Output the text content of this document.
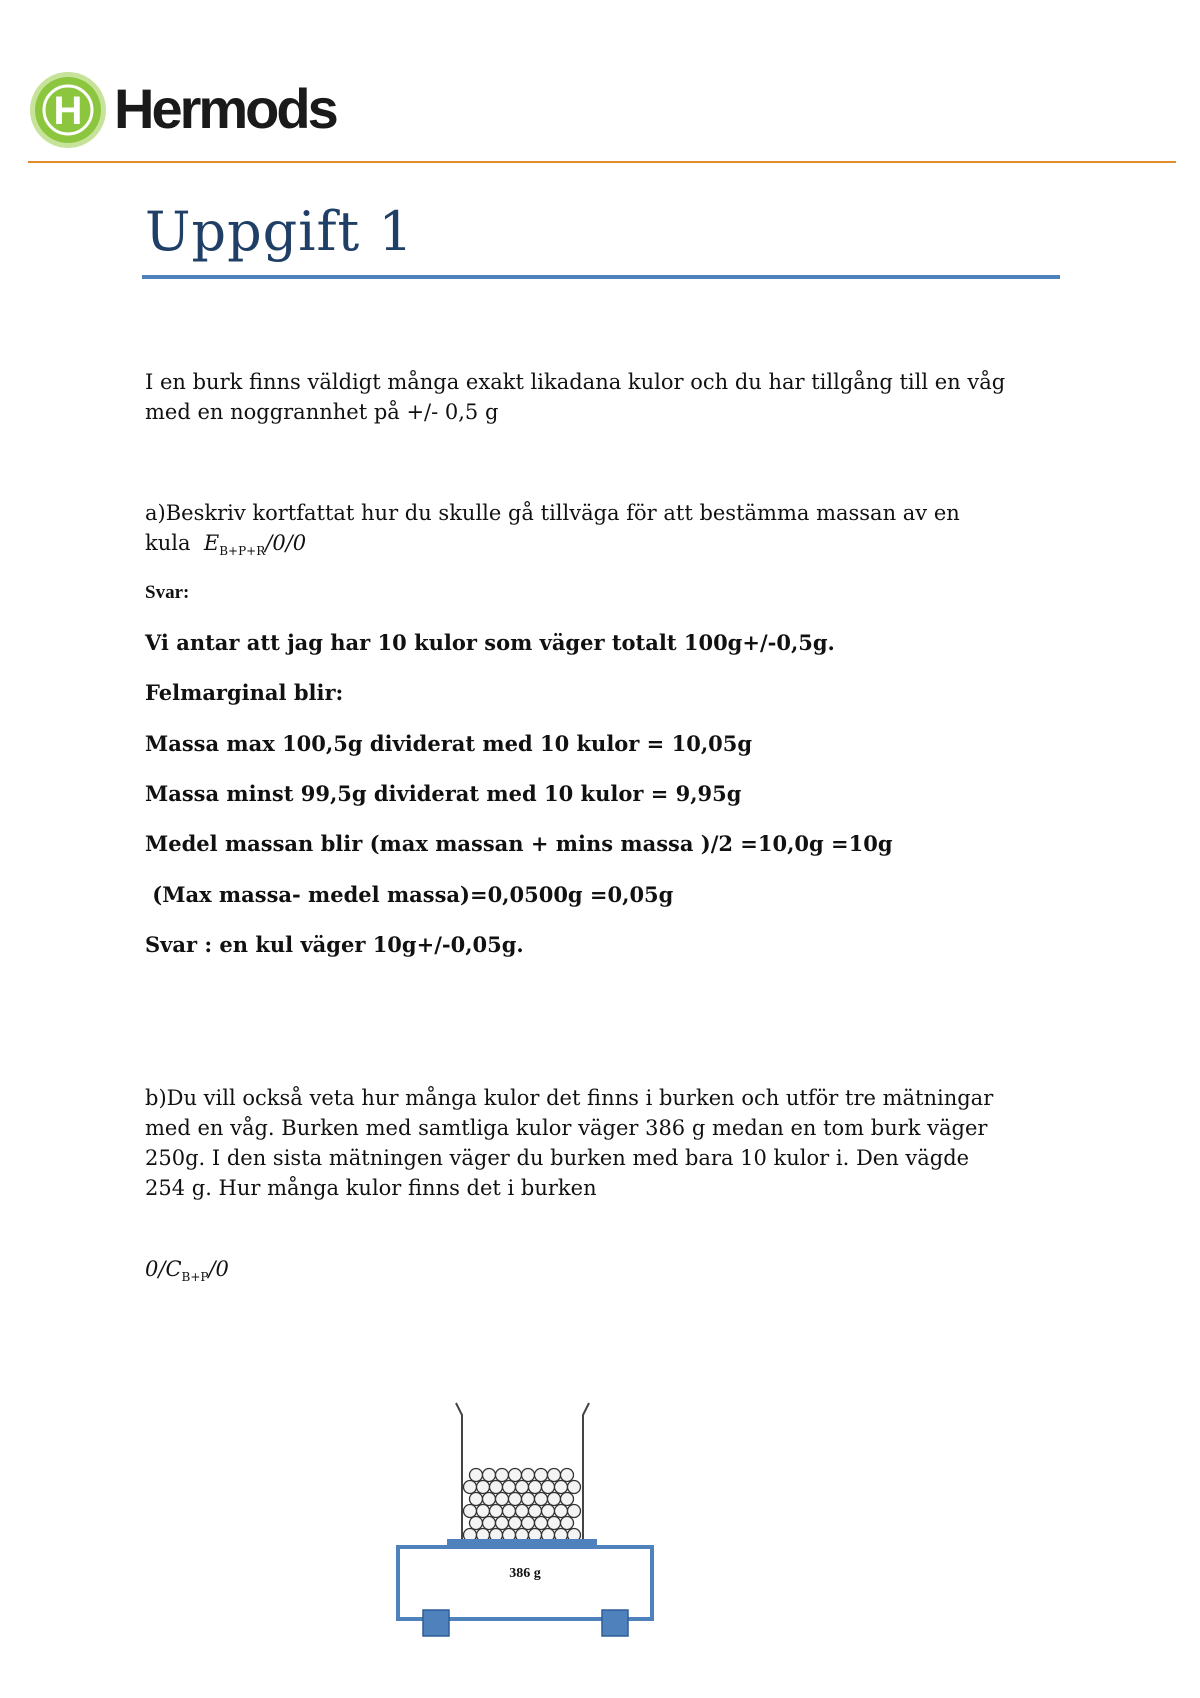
H Hermods
Uppgift 1

I en burk finns väldigt många exakt likadana kulor och du har tillgång till en våg

med en noggrannhet på +/- 0,5 g

a)Beskriv kortfattat hur du skulle gå tillväga för att bestämma massan av en

kula $E_{B+P+R}/0/0$

Svar:

Vi antar att jag har 10 kulor som väger totalt 100g+/-0,5g.

Felmarginal blir:

Massa max 100,5g dividerat med 10 kulor = 10,05g

Massa minst 99,5g dividerat med 10 kulor = 9,95g

Medel massan blir (max massan + mins massa )/2 =10,0g =10g

(Max massa- medel massa)=0,0500g =0,05g

Svar : en kul väger 10g+/-0,05g.

b)Du vill också veta hur många kulor det finns i burken och utför tre mätningar

med en våg. Burken med samtliga kulor väger 386 g medan en tom burk väger

250g. I den sista mätningen väger du burken med bara 10 kulor i. Den vägde

254 g. Hur många kulor finns det i burken

$0/C_{B+P}/0$

386 g
